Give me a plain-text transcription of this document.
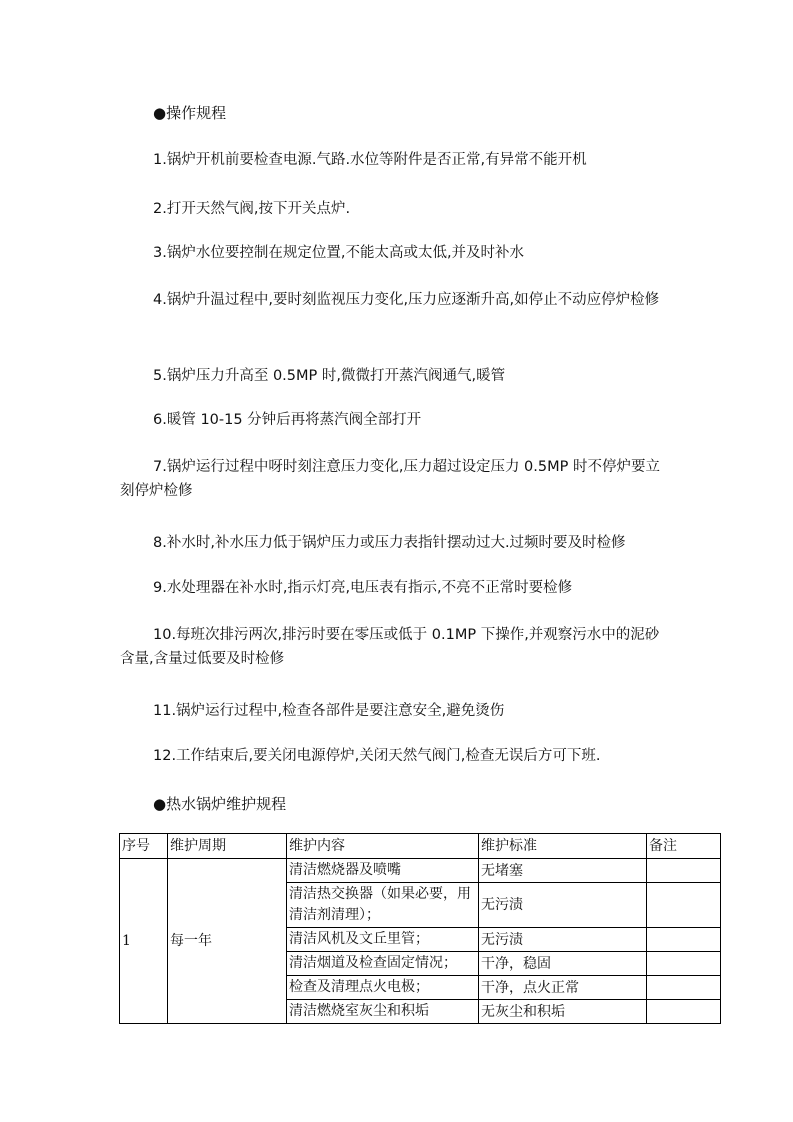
●操作规程
1.锅炉开机前要检查电源.气路.水位等附件是否正常,有异常不能开机
2.打开天然气阀,按下开关点炉.
3.锅炉水位要控制在规定位置,不能太高或太低,并及时补水
4.锅炉升温过程中,要时刻监视压力变化,压力应逐渐升高,如停止不动应停炉检修
5.锅炉压力升高至 0.5MP 时,微微打开蒸汽阀通气,暖管
6.暖管 10-15 分钟后再将蒸汽阀全部打开
7.锅炉运行过程中呀时刻注意压力变化,压力超过设定压力 0.5MP 时不停炉要立刻停炉检修
8.补水时,补水压力低于锅炉压力或压力表指针摆动过大.过频时要及时检修
9.水处理器在补水时,指示灯亮,电压表有指示,不亮不正常时要检修
10.每班次排污两次,排污时要在零压或低于 0.1MP 下操作,并观察污水中的泥砂含量,含量过低要及时检修
11.锅炉运行过程中,检查各部件是要注意安全,避免烫伤
12.工作结束后,要关闭电源停炉,关闭天然气阀门,检查无误后方可下班.
●热水锅炉维护规程
序号	维护周期	维护内容	维护标准	备注
1	每一年	清洁燃烧器及喷嘴	无堵塞	
		清洁热交换器（如果必要，用清洁剂清理）；	无污渍	
		清洁风机及文丘里管；	无污渍	
		清洁烟道及检查固定情况；	干净，稳固	
		检查及清理点火电极；	干净，点火正常	
		清洁燃烧室灰尘和积垢	无灰尘和积垢	
